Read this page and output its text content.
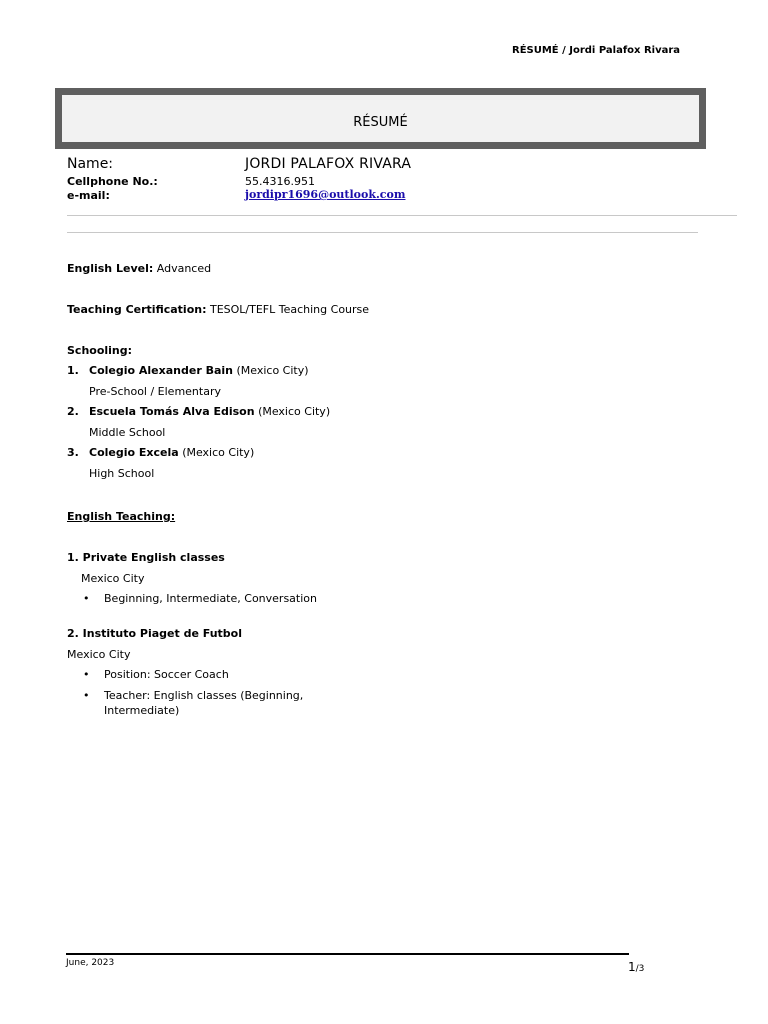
RÉSUMÉ / Jordi Palafox Rivara
RÉSUMÉ
Name:	JORDI PALAFOX RIVARA
Cellphone No.:	55.4316.951
e-mail:	jordipr1696@outlook.com
English Level: Advanced
Teaching Certification: TESOL/TEFL Teaching Course
Schooling:
1. Colegio Alexander Bain (Mexico City)
Pre-School / Elementary
2. Escuela Tomás Alva Edison (Mexico City)
Middle School
3. Colegio Excela (Mexico City)
High School
English Teaching:
1. Private English classes
Mexico City
• Beginning, Intermediate, Conversation
2. Instituto Piaget de Futbol
Mexico City
• Position: Soccer Coach
• Teacher: English classes (Beginning,
Intermediate)
June, 2023	1/3
